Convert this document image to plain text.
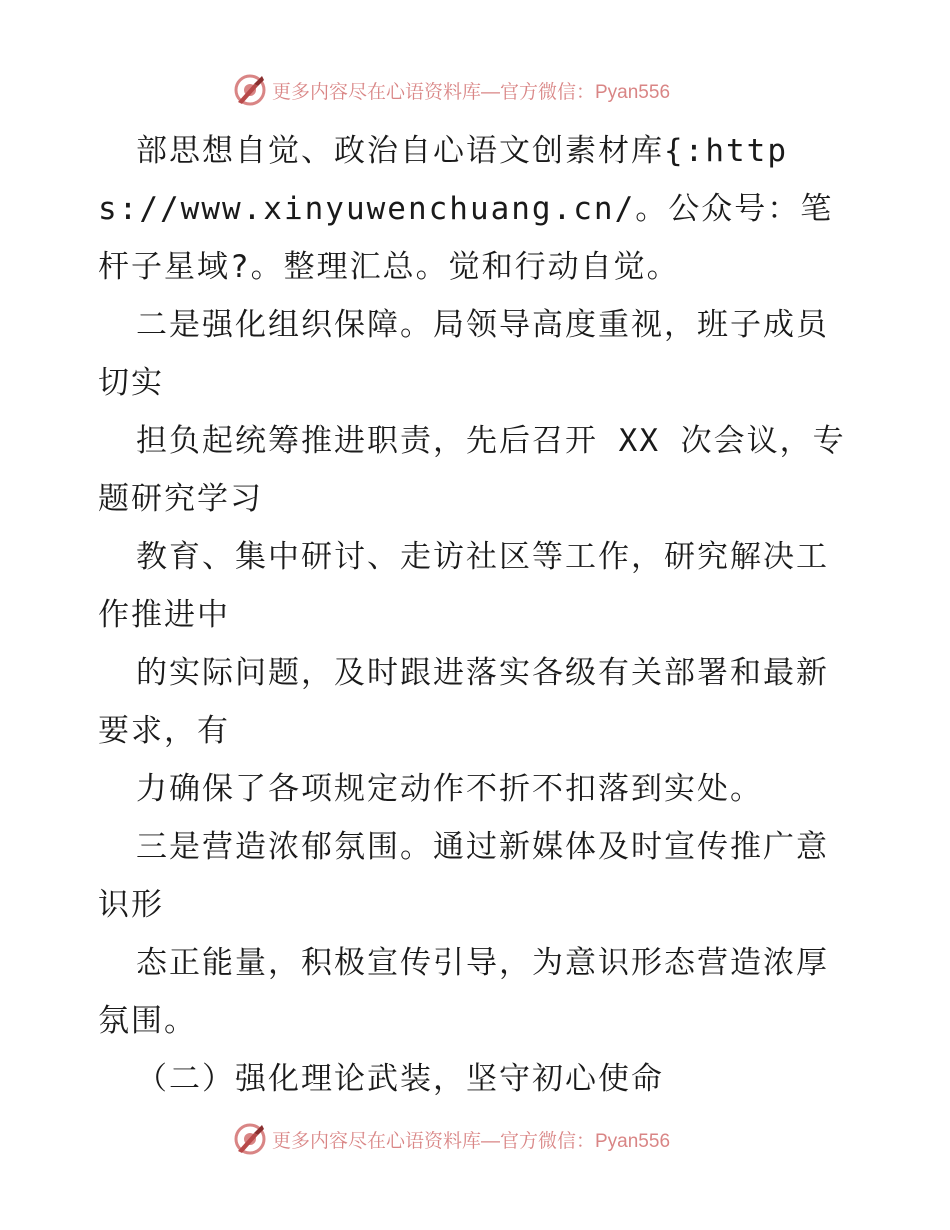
更多内容尽在心语资料库—官方微信：Pyan556

部思想自觉、政治自心语文创素材库{:https://www.xinyuwenchuang.cn/。公众号：笔杆子星域?。整理汇总。觉和行动自觉。

二是强化组织保障。局领导高度重视，班子成员切实

担负起统筹推进职责，先后召开 XX 次会议，专题研究学习

教育、集中研讨、走访社区等工作，研究解决工作推进中

的实际问题，及时跟进落实各级有关部署和最新要求，有

力确保了各项规定动作不折不扣落到实处。

三是营造浓郁氛围。通过新媒体及时宣传推广意识形

态正能量，积极宣传引导，为意识形态营造浓厚氛围。

（二）强化理论武装，坚守初心使命

更多内容尽在心语资料库—官方微信：Pyan556
